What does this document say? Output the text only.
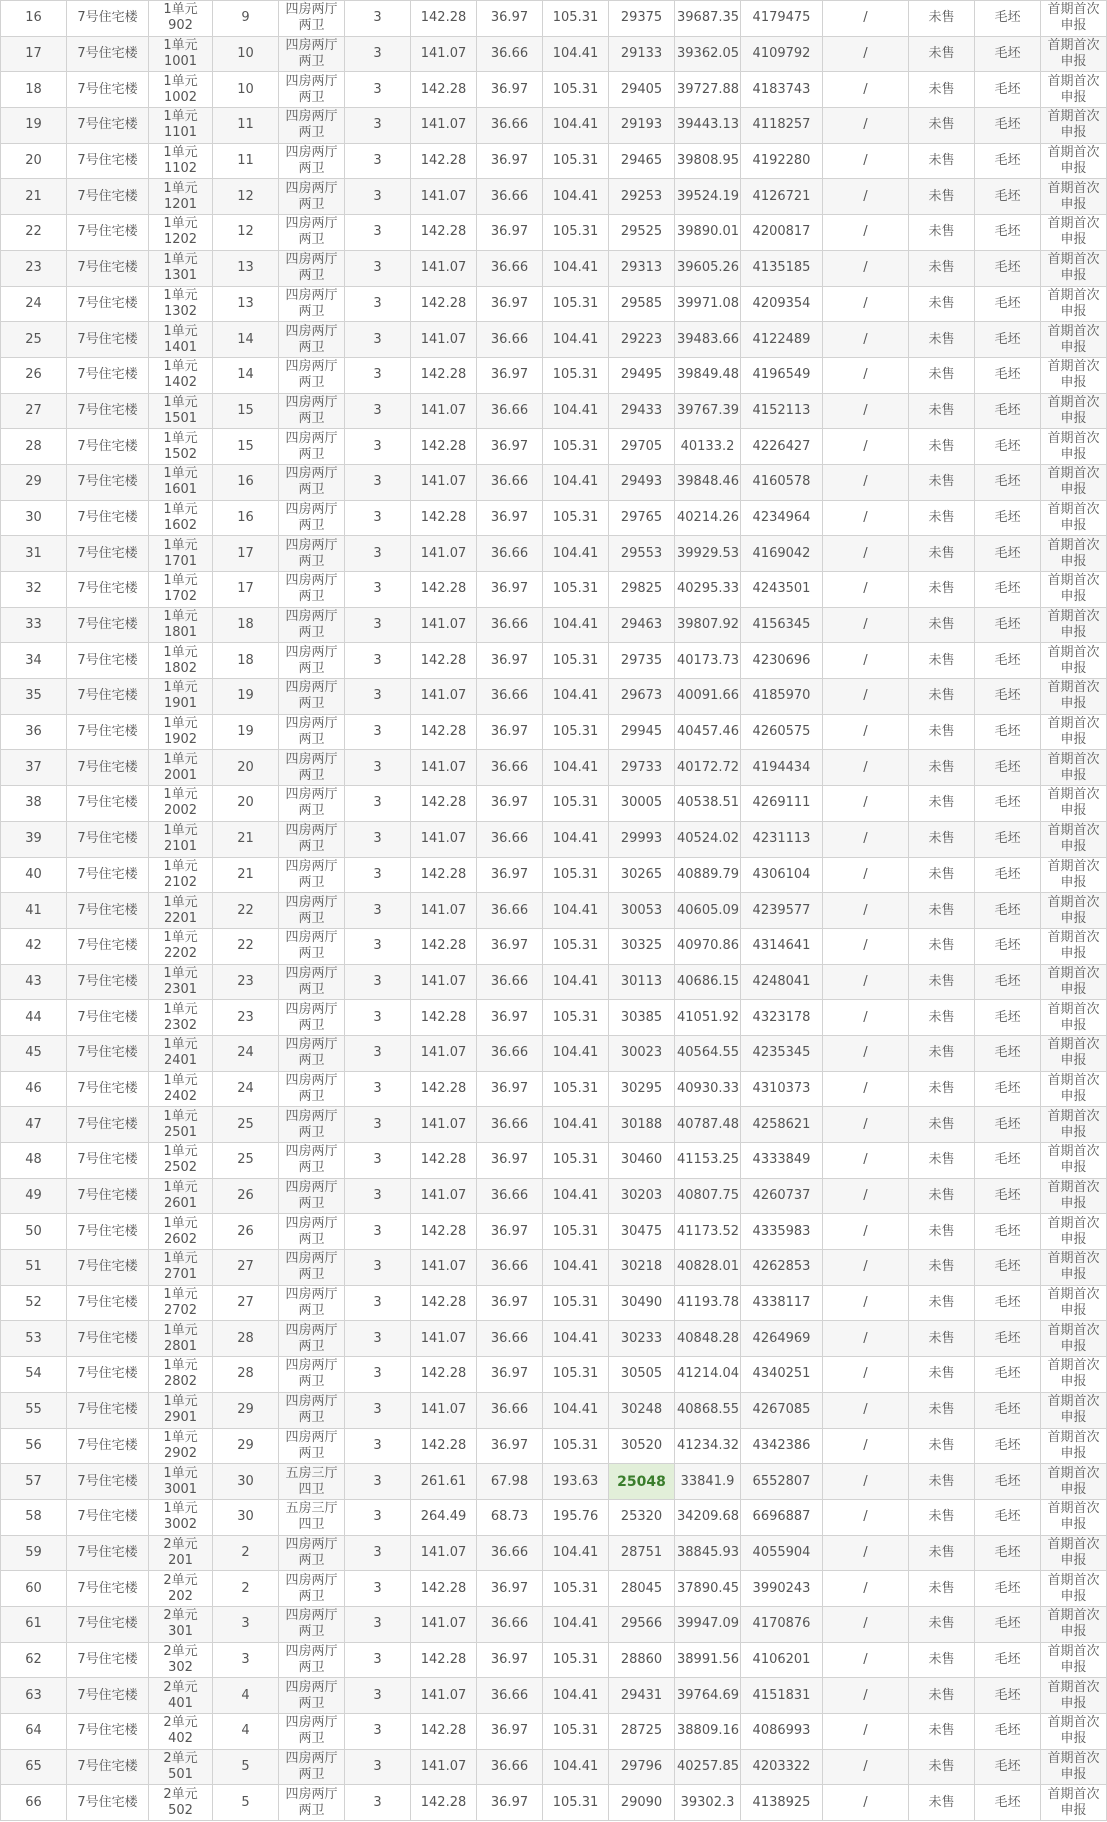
16	7号住宅楼	1单元902	9	四房两厅两卫	3	142.28	36.97	105.31	29375	39687.35	4179475	/	未售	毛坯	首期首次申报
17	7号住宅楼	1单元1001	10	四房两厅两卫	3	141.07	36.66	104.41	29133	39362.05	4109792	/	未售	毛坯	首期首次申报
18	7号住宅楼	1单元1002	10	四房两厅两卫	3	142.28	36.97	105.31	29405	39727.88	4183743	/	未售	毛坯	首期首次申报
19	7号住宅楼	1单元1101	11	四房两厅两卫	3	141.07	36.66	104.41	29193	39443.13	4118257	/	未售	毛坯	首期首次申报
20	7号住宅楼	1单元1102	11	四房两厅两卫	3	142.28	36.97	105.31	29465	39808.95	4192280	/	未售	毛坯	首期首次申报
21	7号住宅楼	1单元1201	12	四房两厅两卫	3	141.07	36.66	104.41	29253	39524.19	4126721	/	未售	毛坯	首期首次申报
22	7号住宅楼	1单元1202	12	四房两厅两卫	3	142.28	36.97	105.31	29525	39890.01	4200817	/	未售	毛坯	首期首次申报
23	7号住宅楼	1单元1301	13	四房两厅两卫	3	141.07	36.66	104.41	29313	39605.26	4135185	/	未售	毛坯	首期首次申报
24	7号住宅楼	1单元1302	13	四房两厅两卫	3	142.28	36.97	105.31	29585	39971.08	4209354	/	未售	毛坯	首期首次申报
25	7号住宅楼	1单元1401	14	四房两厅两卫	3	141.07	36.66	104.41	29223	39483.66	4122489	/	未售	毛坯	首期首次申报
26	7号住宅楼	1单元1402	14	四房两厅两卫	3	142.28	36.97	105.31	29495	39849.48	4196549	/	未售	毛坯	首期首次申报
27	7号住宅楼	1单元1501	15	四房两厅两卫	3	141.07	36.66	104.41	29433	39767.39	4152113	/	未售	毛坯	首期首次申报
28	7号住宅楼	1单元1502	15	四房两厅两卫	3	142.28	36.97	105.31	29705	40133.2	4226427	/	未售	毛坯	首期首次申报
29	7号住宅楼	1单元1601	16	四房两厅两卫	3	141.07	36.66	104.41	29493	39848.46	4160578	/	未售	毛坯	首期首次申报
30	7号住宅楼	1单元1602	16	四房两厅两卫	3	142.28	36.97	105.31	29765	40214.26	4234964	/	未售	毛坯	首期首次申报
31	7号住宅楼	1单元1701	17	四房两厅两卫	3	141.07	36.66	104.41	29553	39929.53	4169042	/	未售	毛坯	首期首次申报
32	7号住宅楼	1单元1702	17	四房两厅两卫	3	142.28	36.97	105.31	29825	40295.33	4243501	/	未售	毛坯	首期首次申报
33	7号住宅楼	1单元1801	18	四房两厅两卫	3	141.07	36.66	104.41	29463	39807.92	4156345	/	未售	毛坯	首期首次申报
34	7号住宅楼	1单元1802	18	四房两厅两卫	3	142.28	36.97	105.31	29735	40173.73	4230696	/	未售	毛坯	首期首次申报
35	7号住宅楼	1单元1901	19	四房两厅两卫	3	141.07	36.66	104.41	29673	40091.66	4185970	/	未售	毛坯	首期首次申报
36	7号住宅楼	1单元1902	19	四房两厅两卫	3	142.28	36.97	105.31	29945	40457.46	4260575	/	未售	毛坯	首期首次申报
37	7号住宅楼	1单元2001	20	四房两厅两卫	3	141.07	36.66	104.41	29733	40172.72	4194434	/	未售	毛坯	首期首次申报
38	7号住宅楼	1单元2002	20	四房两厅两卫	3	142.28	36.97	105.31	30005	40538.51	4269111	/	未售	毛坯	首期首次申报
39	7号住宅楼	1单元2101	21	四房两厅两卫	3	141.07	36.66	104.41	29993	40524.02	4231113	/	未售	毛坯	首期首次申报
40	7号住宅楼	1单元2102	21	四房两厅两卫	3	142.28	36.97	105.31	30265	40889.79	4306104	/	未售	毛坯	首期首次申报
41	7号住宅楼	1单元2201	22	四房两厅两卫	3	141.07	36.66	104.41	30053	40605.09	4239577	/	未售	毛坯	首期首次申报
42	7号住宅楼	1单元2202	22	四房两厅两卫	3	142.28	36.97	105.31	30325	40970.86	4314641	/	未售	毛坯	首期首次申报
43	7号住宅楼	1单元2301	23	四房两厅两卫	3	141.07	36.66	104.41	30113	40686.15	4248041	/	未售	毛坯	首期首次申报
44	7号住宅楼	1单元2302	23	四房两厅两卫	3	142.28	36.97	105.31	30385	41051.92	4323178	/	未售	毛坯	首期首次申报
45	7号住宅楼	1单元2401	24	四房两厅两卫	3	141.07	36.66	104.41	30023	40564.55	4235345	/	未售	毛坯	首期首次申报
46	7号住宅楼	1单元2402	24	四房两厅两卫	3	142.28	36.97	105.31	30295	40930.33	4310373	/	未售	毛坯	首期首次申报
47	7号住宅楼	1单元2501	25	四房两厅两卫	3	141.07	36.66	104.41	30188	40787.48	4258621	/	未售	毛坯	首期首次申报
48	7号住宅楼	1单元2502	25	四房两厅两卫	3	142.28	36.97	105.31	30460	41153.25	4333849	/	未售	毛坯	首期首次申报
49	7号住宅楼	1单元2601	26	四房两厅两卫	3	141.07	36.66	104.41	30203	40807.75	4260737	/	未售	毛坯	首期首次申报
50	7号住宅楼	1单元2602	26	四房两厅两卫	3	142.28	36.97	105.31	30475	41173.52	4335983	/	未售	毛坯	首期首次申报
51	7号住宅楼	1单元2701	27	四房两厅两卫	3	141.07	36.66	104.41	30218	40828.01	4262853	/	未售	毛坯	首期首次申报
52	7号住宅楼	1单元2702	27	四房两厅两卫	3	142.28	36.97	105.31	30490	41193.78	4338117	/	未售	毛坯	首期首次申报
53	7号住宅楼	1单元2801	28	四房两厅两卫	3	141.07	36.66	104.41	30233	40848.28	4264969	/	未售	毛坯	首期首次申报
54	7号住宅楼	1单元2802	28	四房两厅两卫	3	142.28	36.97	105.31	30505	41214.04	4340251	/	未售	毛坯	首期首次申报
55	7号住宅楼	1单元2901	29	四房两厅两卫	3	141.07	36.66	104.41	30248	40868.55	4267085	/	未售	毛坯	首期首次申报
56	7号住宅楼	1单元2902	29	四房两厅两卫	3	142.28	36.97	105.31	30520	41234.32	4342386	/	未售	毛坯	首期首次申报
57	7号住宅楼	1单元3001	30	五房三厅四卫	3	261.61	67.98	193.63	25048	33841.9	6552807	/	未售	毛坯	首期首次申报
58	7号住宅楼	1单元3002	30	五房三厅四卫	3	264.49	68.73	195.76	25320	34209.68	6696887	/	未售	毛坯	首期首次申报
59	7号住宅楼	2单元201	2	四房两厅两卫	3	141.07	36.66	104.41	28751	38845.93	4055904	/	未售	毛坯	首期首次申报
60	7号住宅楼	2单元202	2	四房两厅两卫	3	142.28	36.97	105.31	28045	37890.45	3990243	/	未售	毛坯	首期首次申报
61	7号住宅楼	2单元301	3	四房两厅两卫	3	141.07	36.66	104.41	29566	39947.09	4170876	/	未售	毛坯	首期首次申报
62	7号住宅楼	2单元302	3	四房两厅两卫	3	142.28	36.97	105.31	28860	38991.56	4106201	/	未售	毛坯	首期首次申报
63	7号住宅楼	2单元401	4	四房两厅两卫	3	141.07	36.66	104.41	29431	39764.69	4151831	/	未售	毛坯	首期首次申报
64	7号住宅楼	2单元402	4	四房两厅两卫	3	142.28	36.97	105.31	28725	38809.16	4086993	/	未售	毛坯	首期首次申报
65	7号住宅楼	2单元501	5	四房两厅两卫	3	141.07	36.66	104.41	29796	40257.85	4203322	/	未售	毛坯	首期首次申报
66	7号住宅楼	2单元502	5	四房两厅两卫	3	142.28	36.97	105.31	29090	39302.3	4138925	/	未售	毛坯	首期首次申报
